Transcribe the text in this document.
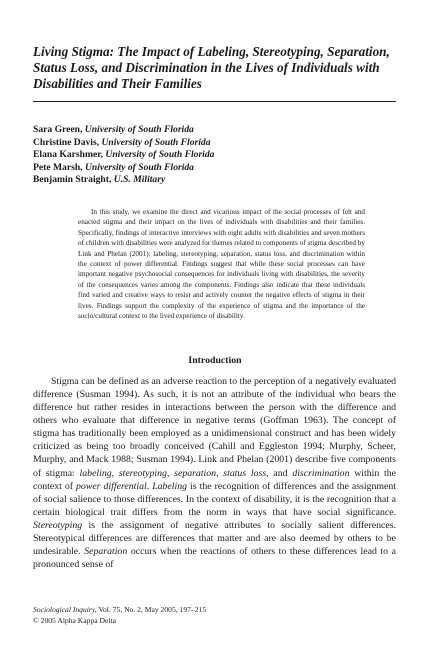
Living Stigma: The Impact of Labeling, Stereotyping, Separation, Status Loss, and Discrimination in the Lives of Individuals with Disabilities and Their Families
Sara Green, University of South Florida
Christine Davis, University of South Florida
Elana Karshmer, University of South Florida
Pete Marsh, University of South Florida
Benjamin Straight, U.S. Military

In this study, we examine the direct and vicarious impact of the social processes of felt and enacted stigma and their impact on the lives of individuals with disabilities and their families. Specifically, findings of interactive interviews with eight adults with disabilities and seven mothers of children with disabilities were analyzed for themes related to components of stigma described by Link and Phelan (2001): labeling, stereotyping, separation, status loss, and discrimination within the context of power differential. Findings suggest that while these social processes can have important negative psychosocial consequences for individuals living with disabilities, the severity of the consequences varies among the components. Findings also indicate that these individuals find varied and creative ways to resist and actively counter the negative effects of stigma in their lives. Findings support the complexity of the experience of stigma and the importance of the socio/cultural context to the lived experience of disability.

Introduction

Stigma can be defined as an adverse reaction to the perception of a negatively evaluated difference (Susman 1994). As such, it is not an attribute of the individual who bears the difference but rather resides in interactions between the person with the difference and others who evaluate that difference in negative terms (Goffman 1963). The concept of stigma has traditionally been employed as a unidimensional construct and has been widely criticized as being too broadly conceived (Cahill and Eggleston 1994; Murphy, Scheer, Murphy, and Mack 1988; Susman 1994). Link and Phelan (2001) describe five components of stigma: labeling, stereotyping, separation, status loss, and discrimination within the context of power differential. Labeling is the recognition of differences and the assignment of social salience to those differences. In the context of disability, it is the recognition that a certain biological trait differs from the norm in ways that have social significance. Stereotyping is the assignment of negative attributes to socially salient differences. Stereotypical differences are differences that matter and are also deemed by others to be undesirable. Separation occurs when the reactions of others to these differences lead to a pronounced sense of

Sociological Inquiry, Vol. 75, No. 2, May 2005, 197–215
© 2005 Alpha Kappa Delta
